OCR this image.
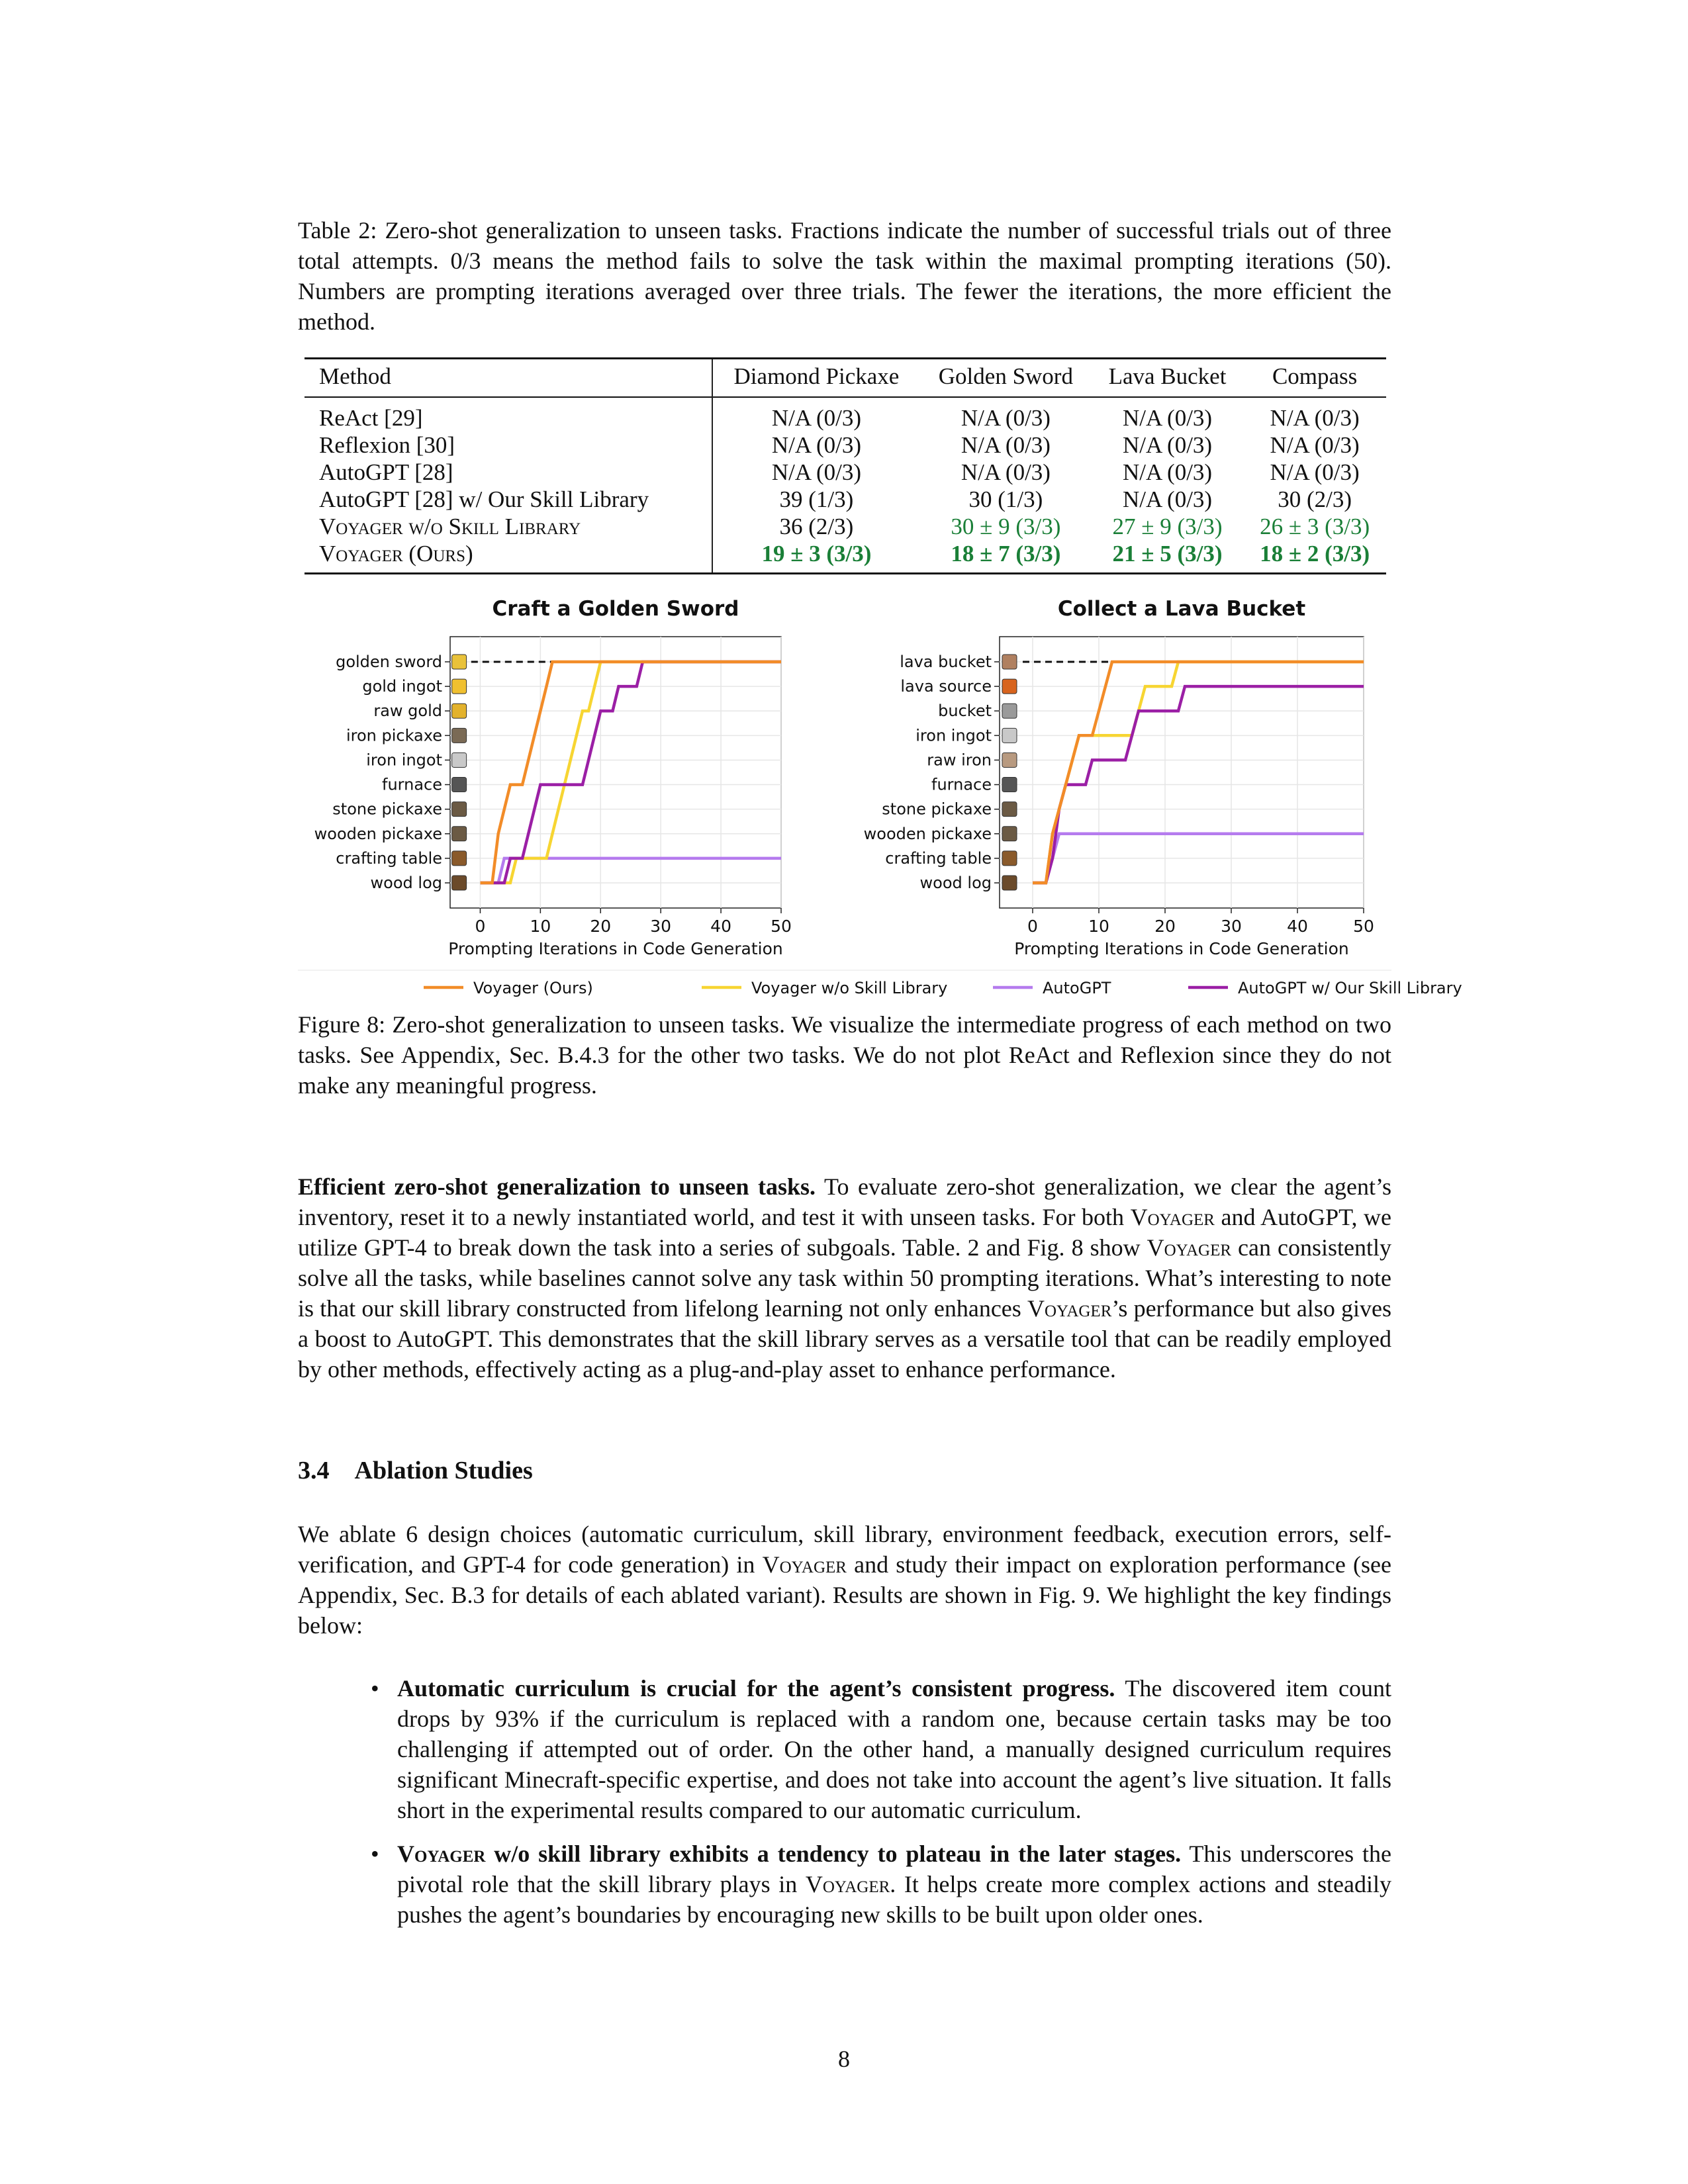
Table 2: Zero-shot generalization to unseen tasks. Fractions indicate the number of successful trials out of three total attempts. 0/3 means the method fails to solve the task within the maximal prompting iterations (50). Numbers are prompting iterations averaged over three trials. The fewer the iterations, the more efficient the method.
Method	Diamond Pickaxe	Golden Sword	Lava Bucket	Compass
ReAct [29]	N/A (0/3)	N/A (0/3)	N/A (0/3)	N/A (0/3)
Reflexion [30]	N/A (0/3)	N/A (0/3)	N/A (0/3)	N/A (0/3)
AutoGPT [28]	N/A (0/3)	N/A (0/3)	N/A (0/3)	N/A (0/3)
AutoGPT [28] w/ Our Skill Library	39 (1/3)	30 (1/3)	N/A (0/3)	30 (2/3)
Voyager w/o Skill Library	36 (2/3)	30 ± 9 (3/3)	27 ± 9 (3/3)	26 ± 3 (3/3)
Voyager (Ours)	19 ± 3 (3/3)	18 ± 7 (3/3)	21 ± 5 (3/3)	18 ± 2 (3/3)
Craft a Golden Sword
0	10 20 30 40 50
wood log
crafting table
wooden pickaxe
stone pickaxe
furnace
iron ingot
iron pickaxe
raw gold
gold ingot
golden sword
Prompting Iterations in Code Generation
Collect a Lava Bucket
0	10	20	30	40	50
wood log
crafting table
wooden pickaxe
stone pickaxe
furnace
raw iron
iron ingot
bucket
lava source
lava bucket
Prompting Iterations in Code Generation
Voyager (Ours)	Voyager w/o Skill Library	AutoGPT	AutoGPT w/ Our Skill Library
Figure 8: Zero-shot generalization to unseen tasks. We visualize the intermediate progress of each method on two tasks. See Appendix, Sec. B.4.3 for the other two tasks. We do not plot ReAct and Reflexion since they do not make any meaningful progress.
Efficient zero-shot generalization to unseen tasks. To evaluate zero-shot generalization, we clear the agent’s inventory, reset it to a newly instantiated world, and test it with unseen tasks. For both Voyager and AutoGPT, we utilize GPT-4 to break down the task into a series of subgoals. Table. 2 and Fig. 8 show Voyager can consistently solve all the tasks, while baselines cannot solve any task within 50 prompting iterations. What’s interesting to note is that our skill library constructed from lifelong learning not only enhances Voyager’s performance but also gives a boost to AutoGPT. This demonstrates that the skill library serves as a versatile tool that can be readily employed by other methods, effectively acting as a plug-and-play asset to enhance performance.
3.4 Ablation Studies
We ablate 6 design choices (automatic curriculum, skill library, environment feedback, execution errors, self-verification, and GPT-4 for code generation) in Voyager and study their impact on exploration performance (see Appendix, Sec. B.3 for details of each ablated variant). Results are shown in Fig. 9. We highlight the key findings below:
• Automatic curriculum is crucial for the agent’s consistent progress. The discovered item count drops by 93% if the curriculum is replaced with a random one, because certain tasks may be too challenging if attempted out of order. On the other hand, a manually designed curriculum requires significant Minecraft-specific expertise, and does not take into account the agent’s live situation. It falls short in the experimental results compared to our automatic curriculum.
• Voyager w/o skill library exhibits a tendency to plateau in the later stages. This underscores the pivotal role that the skill library plays in Voyager. It helps create more complex actions and steadily pushes the agent’s boundaries by encouraging new skills to be built upon older ones.
8
